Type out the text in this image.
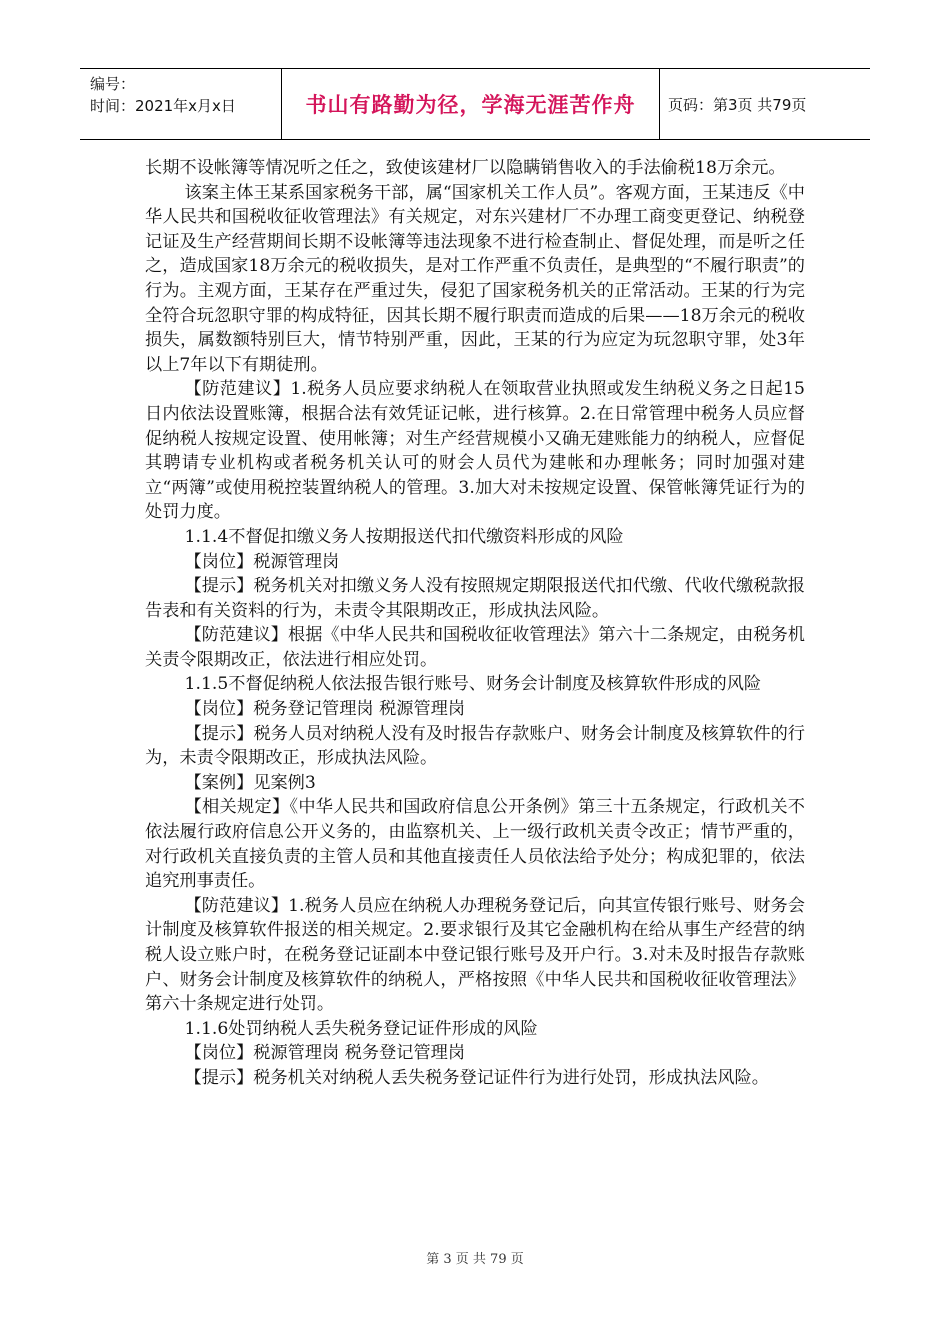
编号：
时间：2021年x月x日	书山有路勤为径，学海无涯苦作舟 页码：第3页 共79页

长期不设帐簿等情况听之任之，致使该建材厂以隐瞒销售收入的手法偷税18万余元。

该案主体王某系国家税务干部，属“国家机关工作人员”。客观方面，王某违反《中华人民共和国税收征收管理法》有关规定，对东兴建材厂不办理工商变更登记、纳税登记证及生产经营期间长期不设帐簿等违法现象不进行检查制止、督促处理，而是听之任之，造成国家18万余元的税收损失，是对工作严重不负责任，是典型的“不履行职责”的行为。主观方面，王某存在严重过失，侵犯了国家税务机关的正常活动。王某的行为完全符合玩忽职守罪的构成特征，因其长期不履行职责而造成的后果——18万余元的税收损失，属数额特别巨大，情节特别严重，因此，王某的行为应定为玩忽职守罪，处3年以上7年以下有期徒刑。

【防范建议】1.税务人员应要求纳税人在领取营业执照或发生纳税义务之日起15日内依法设置账簿，根据合法有效凭证记帐，进行核算。2.在日常管理中税务人员应督促纳税人按规定设置、使用帐簿；对生产经营规模小又确无建账能力的纳税人，应督促其聘请专业机构或者税务机关认可的财会人员代为建帐和办理帐务；同时加强对建立“两簿”或使用税控装置纳税人的管理。3.加大对未按规定设置、保管帐簿凭证行为的处罚力度。

1.1.4不督促扣缴义务人按期报送代扣代缴资料形成的风险

【岗位】税源管理岗

【提示】税务机关对扣缴义务人没有按照规定期限报送代扣代缴、代收代缴税款报告表和有关资料的行为，未责令其限期改正，形成执法风险。

【防范建议】根据《中华人民共和国税收征收管理法》第六十二条规定，由税务机关责令限期改正，依法进行相应处罚。

1.1.5不督促纳税人依法报告银行账号、财务会计制度及核算软件形成的风险

【岗位】税务登记管理岗 税源管理岗

【提示】税务人员对纳税人没有及时报告存款账户、财务会计制度及核算软件的行为，未责令限期改正，形成执法风险。

【案例】见案例3

【相关规定】《中华人民共和国政府信息公开条例》第三十五条规定，行政机关不依法履行政府信息公开义务的，由监察机关、上一级行政机关责令改正；情节严重的，对行政机关直接负责的主管人员和其他直接责任人员依法给予处分；构成犯罪的，依法追究刑事责任。

【防范建议】1.税务人员应在纳税人办理税务登记后，向其宣传银行账号、财务会计制度及核算软件报送的相关规定。2.要求银行及其它金融机构在给从事生产经营的纳税人设立账户时，在税务登记证副本中登记银行账号及开户行。3.对未及时报告存款账户、财务会计制度及核算软件的纳税人，严格按照《中华人民共和国税收征收管理法》第六十条规定进行处罚。

1.1.6处罚纳税人丢失税务登记证件形成的风险

【岗位】税源管理岗 税务登记管理岗

【提示】税务机关对纳税人丢失税务登记证件行为进行处罚，形成执法风险。

第 3 页 共 79 页
